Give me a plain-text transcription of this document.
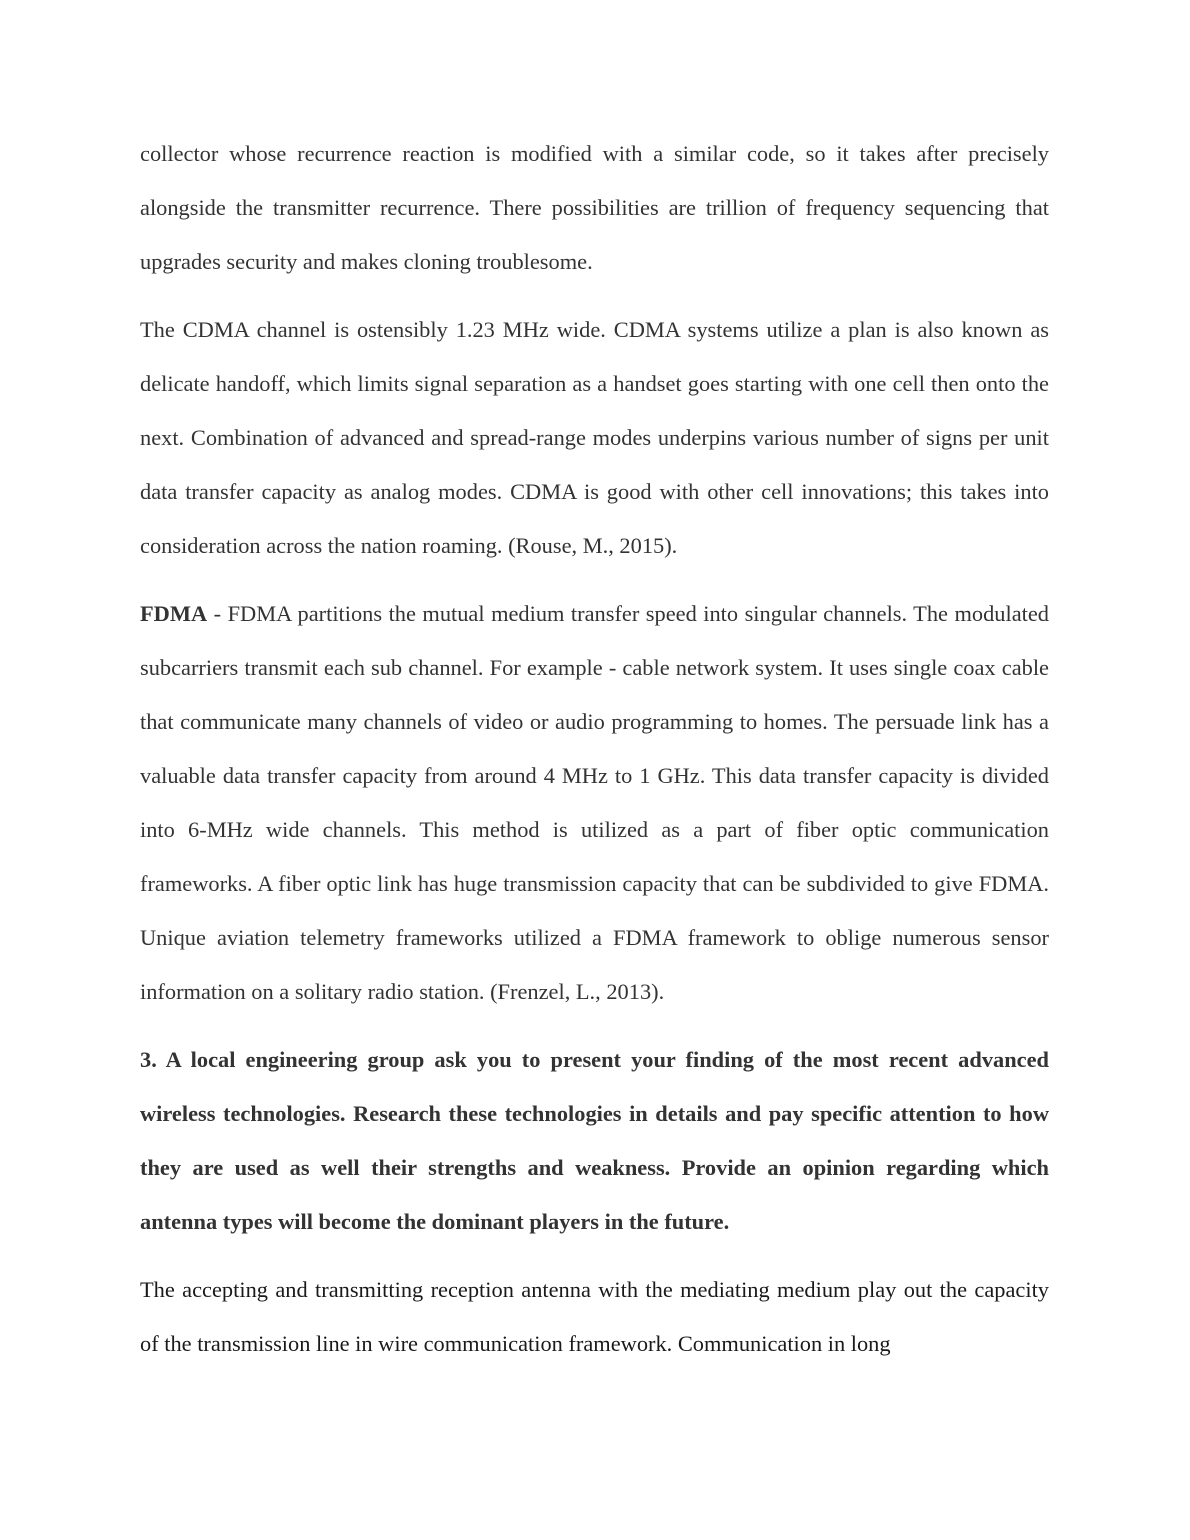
collector whose recurrence reaction is modified with a similar code, so it takes after precisely alongside the transmitter recurrence. There possibilities are trillion of frequency sequencing that upgrades security and makes cloning troublesome.

The CDMA channel is ostensibly 1.23 MHz wide. CDMA systems utilize a plan is also known as delicate handoff, which limits signal separation as a handset goes starting with one cell then onto the next. Combination of advanced and spread-range modes underpins various number of signs per unit data transfer capacity as analog modes. CDMA is good with other cell innovations; this takes into consideration across the nation roaming. (Rouse, M., 2015).

FDMA - FDMA partitions the mutual medium transfer speed into singular channels. The modulated subcarriers transmit each sub channel. For example - cable network system. It uses single coax cable that communicate many channels of video or audio programming to homes. The persuade link has a valuable data transfer capacity from around 4 MHz to 1 GHz. This data transfer capacity is divided into 6-MHz wide channels. This method is utilized as a part of fiber optic communication frameworks. A fiber optic link has huge transmission capacity that can be subdivided to give FDMA. Unique aviation telemetry frameworks utilized a FDMA framework to oblige numerous sensor information on a solitary radio station. (Frenzel, L., 2013).

3. A local engineering group ask you to present your finding of the most recent advanced wireless technologies. Research these technologies in details and pay specific attention to how they are used as well their strengths and weakness. Provide an opinion regarding which antenna types will become the dominant players in the future.

The accepting and transmitting reception antenna with the mediating medium play out the capacity of the transmission line in wire communication framework. Communication in long
